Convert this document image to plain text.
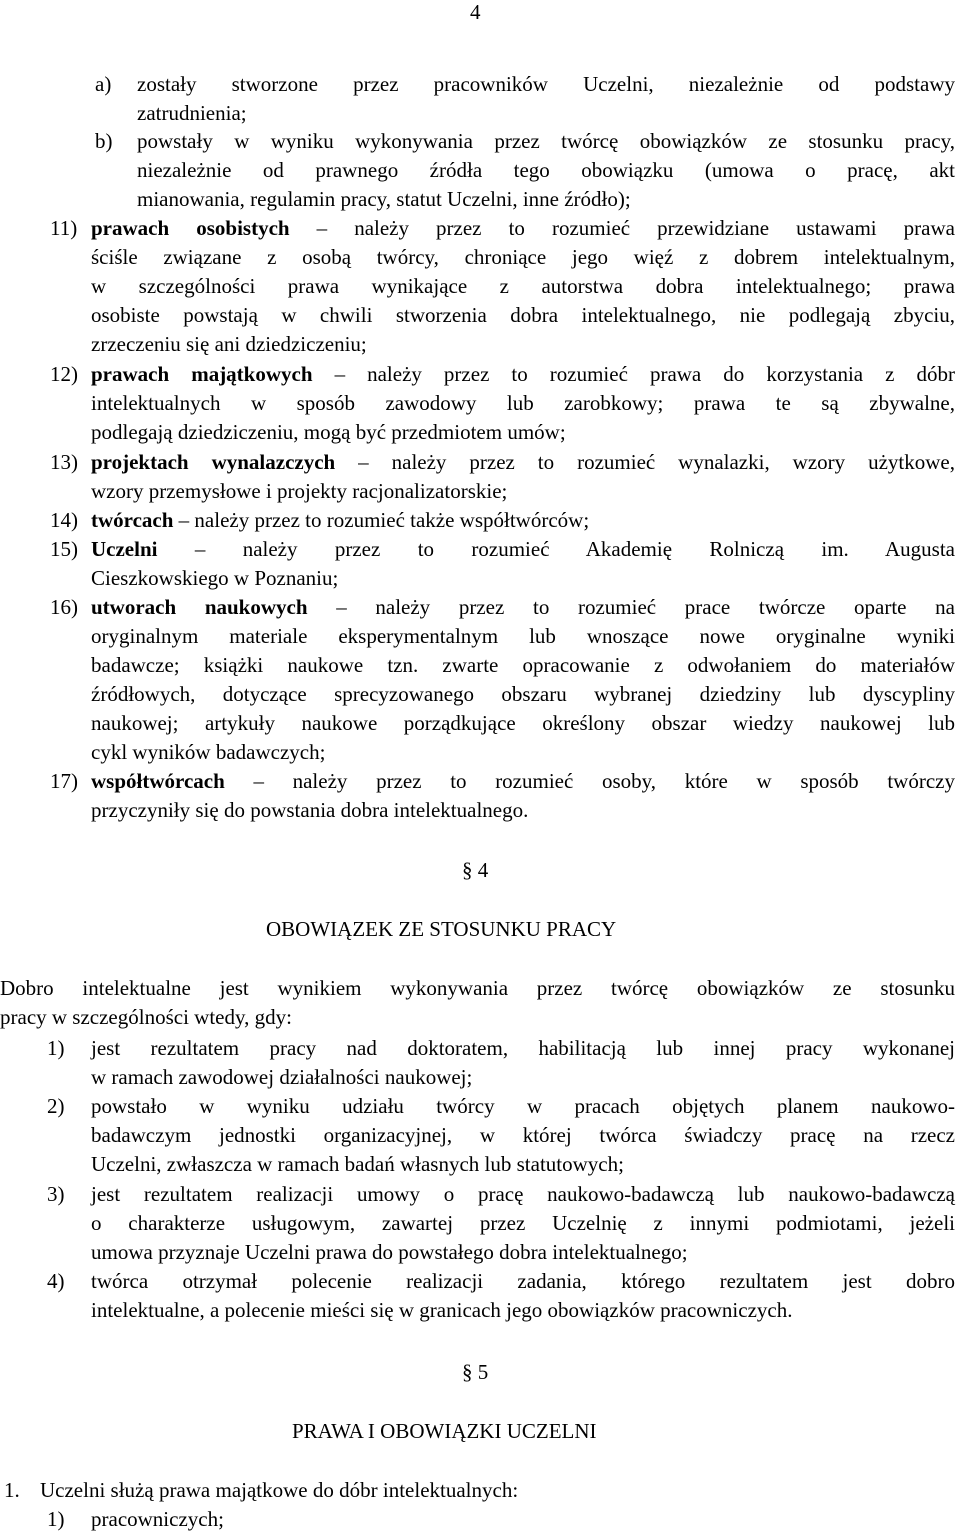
4
a) zostały stworzone przez pracowników Uczelni, niezależnie od podstawy
zatrudnienia;
b) powstały w wyniku wykonywania przez twórcę obowiązków ze stosunku pracy,
niezależnie od prawnego źródła tego obowiązku (umowa o pracę, akt
mianowania, regulamin pracy, statut Uczelni, inne źródło);
11) prawach osobistych – należy przez to rozumieć przewidziane ustawami prawa
ściśle związane z osobą twórcy, chroniące jego więź z dobrem intelektualnym,
w szczególności prawa wynikające z autorstwa dobra intelektualnego; prawa
osobiste powstają w chwili stworzenia dobra intelektualnego, nie podlegają zbyciu,
zrzeczeniu się ani dziedziczeniu;
12) prawach majątkowych – należy przez to rozumieć prawa do korzystania z dóbr
intelektualnych w sposób zawodowy lub zarobkowy; prawa te są zbywalne,
podlegają dziedziczeniu, mogą być przedmiotem umów;
13) projektach wynalazczych – należy przez to rozumieć wynalazki, wzory użytkowe,
wzory przemysłowe i projekty racjonalizatorskie;
14) twórcach – należy przez to rozumieć także współtwórców;
15) Uczelni – należy przez to rozumieć Akademię Rolniczą im. Augusta
Cieszkowskiego w Poznaniu;
16) utworach naukowych – należy przez to rozumieć prace twórcze oparte na
oryginalnym materiale eksperymentalnym lub wnoszące nowe oryginalne wyniki
badawcze; książki naukowe tzn. zwarte opracowanie z odwołaniem do materiałów
źródłowych, dotyczące sprecyzowanego obszaru wybranej dziedziny lub dyscypliny
naukowej; artykuły naukowe porządkujące określony obszar wiedzy naukowej lub
cykl wyników badawczych;
17) współtwórcach – należy przez to rozumieć osoby, które w sposób twórczy
przyczyniły się do powstania dobra intelektualnego.
§ 4
OBOWIĄZEK ZE STOSUNKU PRACY
Dobro intelektualne jest wynikiem wykonywania przez twórcę obowiązków ze stosunku
pracy w szczególności wtedy, gdy:
1) jest rezultatem pracy nad doktoratem, habilitacją lub innej pracy wykonanej
w ramach zawodowej działalności naukowej;
2) powstało w wyniku udziału twórcy w pracach objętych planem naukowo-
badawczym jednostki organizacyjnej, w której twórca świadczy pracę na rzecz
Uczelni, zwłaszcza w ramach badań własnych lub statutowych;
3) jest rezultatem realizacji umowy o pracę naukowo-badawczą lub naukowo-badawczą
o charakterze usługowym, zawartej przez Uczelnię z innymi podmiotami, jeżeli
umowa przyznaje Uczelni prawa do powstałego dobra intelektualnego;
4) twórca otrzymał polecenie realizacji zadania, którego rezultatem jest dobro
intelektualne, a polecenie mieści się w granicach jego obowiązków pracowniczych.
§ 5
PRAWA I OBOWIĄZKI UCZELNI
1. Uczelni służą prawa majątkowe do dóbr intelektualnych:
1) pracowniczych;
